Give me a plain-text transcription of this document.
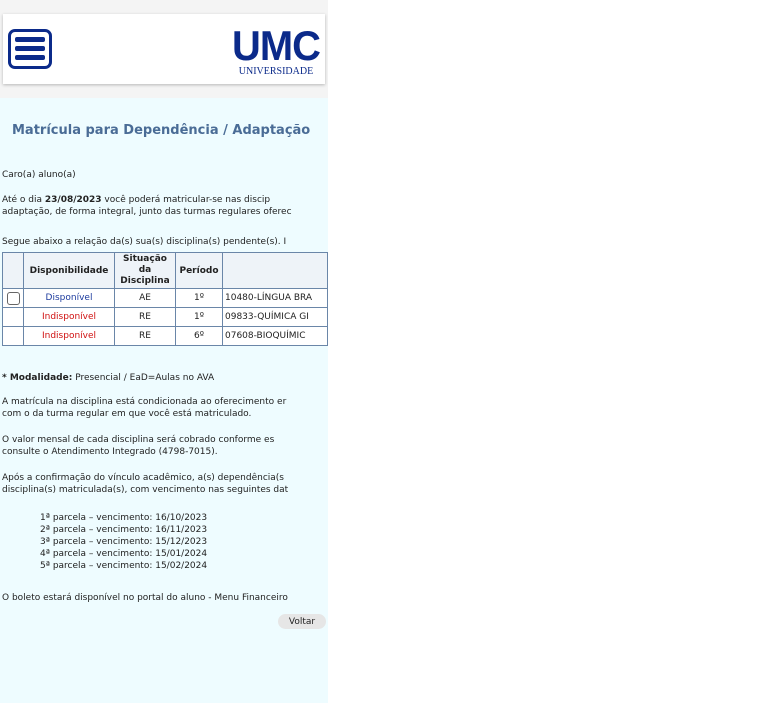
UMC
UNIVERSIDADE
Matrícula para Dependência / Adaptação

Caro(a) aluno(a)

Até o dia 23/08/2023 você poderá matricular-se nas discip

adaptação, de forma integral, junto das turmas regulares oferec

Segue abaixo a relação da(s) sua(s) disciplina(s) pendente(s). I

	Disponibilidade	Situação da Disciplina	Período	
	Disponível	AE	1º	10480-LÍNGUA BRA
	Indisponível	RE	1º	09833-QUÍMICA GI
	Indisponível	RE	6º	07608-BIOQUÍMIC

* Modalidade: Presencial / EaD=Aulas no AVA

A matrícula na disciplina está condicionada ao oferecimento er

com o da turma regular em que você está matriculado.

O valor mensal de cada disciplina será cobrado conforme es

consulte o Atendimento Integrado (4798-7015).

Após a confirmação do vínculo acadêmico, a(s) dependência(s

disciplina(s) matriculada(s), com vencimento nas seguintes dat

1ª parcela – vencimento: 16/10/2023

2ª parcela – vencimento: 16/11/2023

3ª parcela – vencimento: 15/12/2023

4ª parcela – vencimento: 15/01/2024

5ª parcela – vencimento: 15/02/2024

O boleto estará disponível no portal do aluno - Menu Financeiro

Voltar
